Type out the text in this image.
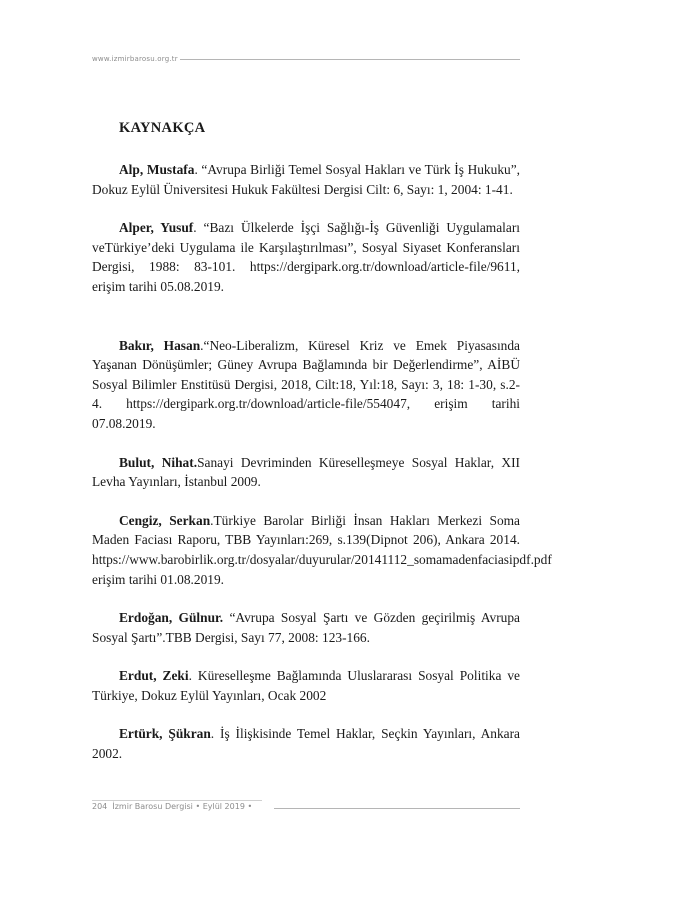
www.izmirbarosu.org.tr
KAYNAKÇA

Alp, Mustafa. “Avrupa Birliği Temel Sosyal Hakları ve Türk İş Hukuku”, Dokuz Eylül Üniversitesi Hukuk Fakültesi Dergisi Cilt: 6, Sayı: 1, 2004: 1-41.

Alper, Yusuf. “Bazı Ülkelerde İşçi Sağlığı-İş Güvenliği Uygulamaları veTürkiye’deki Uygulama ile Karşılaştırılması”, Sosyal Siyaset Konferansları Dergisi, 1988: 83-101. https://dergipark.org.tr/download/article-file/9611, erişim tarihi 05.08.2019.

Bakır, Hasan.“Neo-Liberalizm, Küresel Kriz ve Emek Piyasasında Yaşanan Dönüşümler; Güney Avrupa Bağlamında bir Değerlendirme”, AİBÜ Sosyal Bilimler Enstitüsü Dergisi, 2018, Cilt:18, Yıl:18, Sayı: 3, 18: 1-30, s.2-4. https://dergipark.org.tr/download/article-file/554047, erişim tarihi 07.08.2019.

Bulut, Nihat.Sanayi Devriminden Küreselleşmeye Sosyal Haklar, XII Levha Yayınları, İstanbul 2009.

Cengiz, Serkan.Türkiye Barolar Birliği İnsan Hakları Merkezi Soma Maden Faciası Raporu, TBB Yayınları:269, s.139(Dipnot 206), Ankara 2014. https://www.barobirlik.org.tr/dosyalar/duyurular/20141112_somamadenfaciasipdf.pdf erişim tarihi 01.08.2019.

Erdoğan, Gülnur. “Avrupa Sosyal Şartı ve Gözden geçirilmiş Avrupa Sosyal Şartı”.TBB Dergisi, Sayı 77, 2008: 123-166.

Erdut, Zeki. Küreselleşme Bağlamında Uluslararası Sosyal Politika ve Türkiye, Dokuz Eylül Yayınları, Ocak 2002

Ertürk, Şükran. İş İlişkisinde Temel Haklar, Seçkin Yayınları, Ankara 2002.

204 İzmir Barosu Dergisi • Eylül 2019 •
